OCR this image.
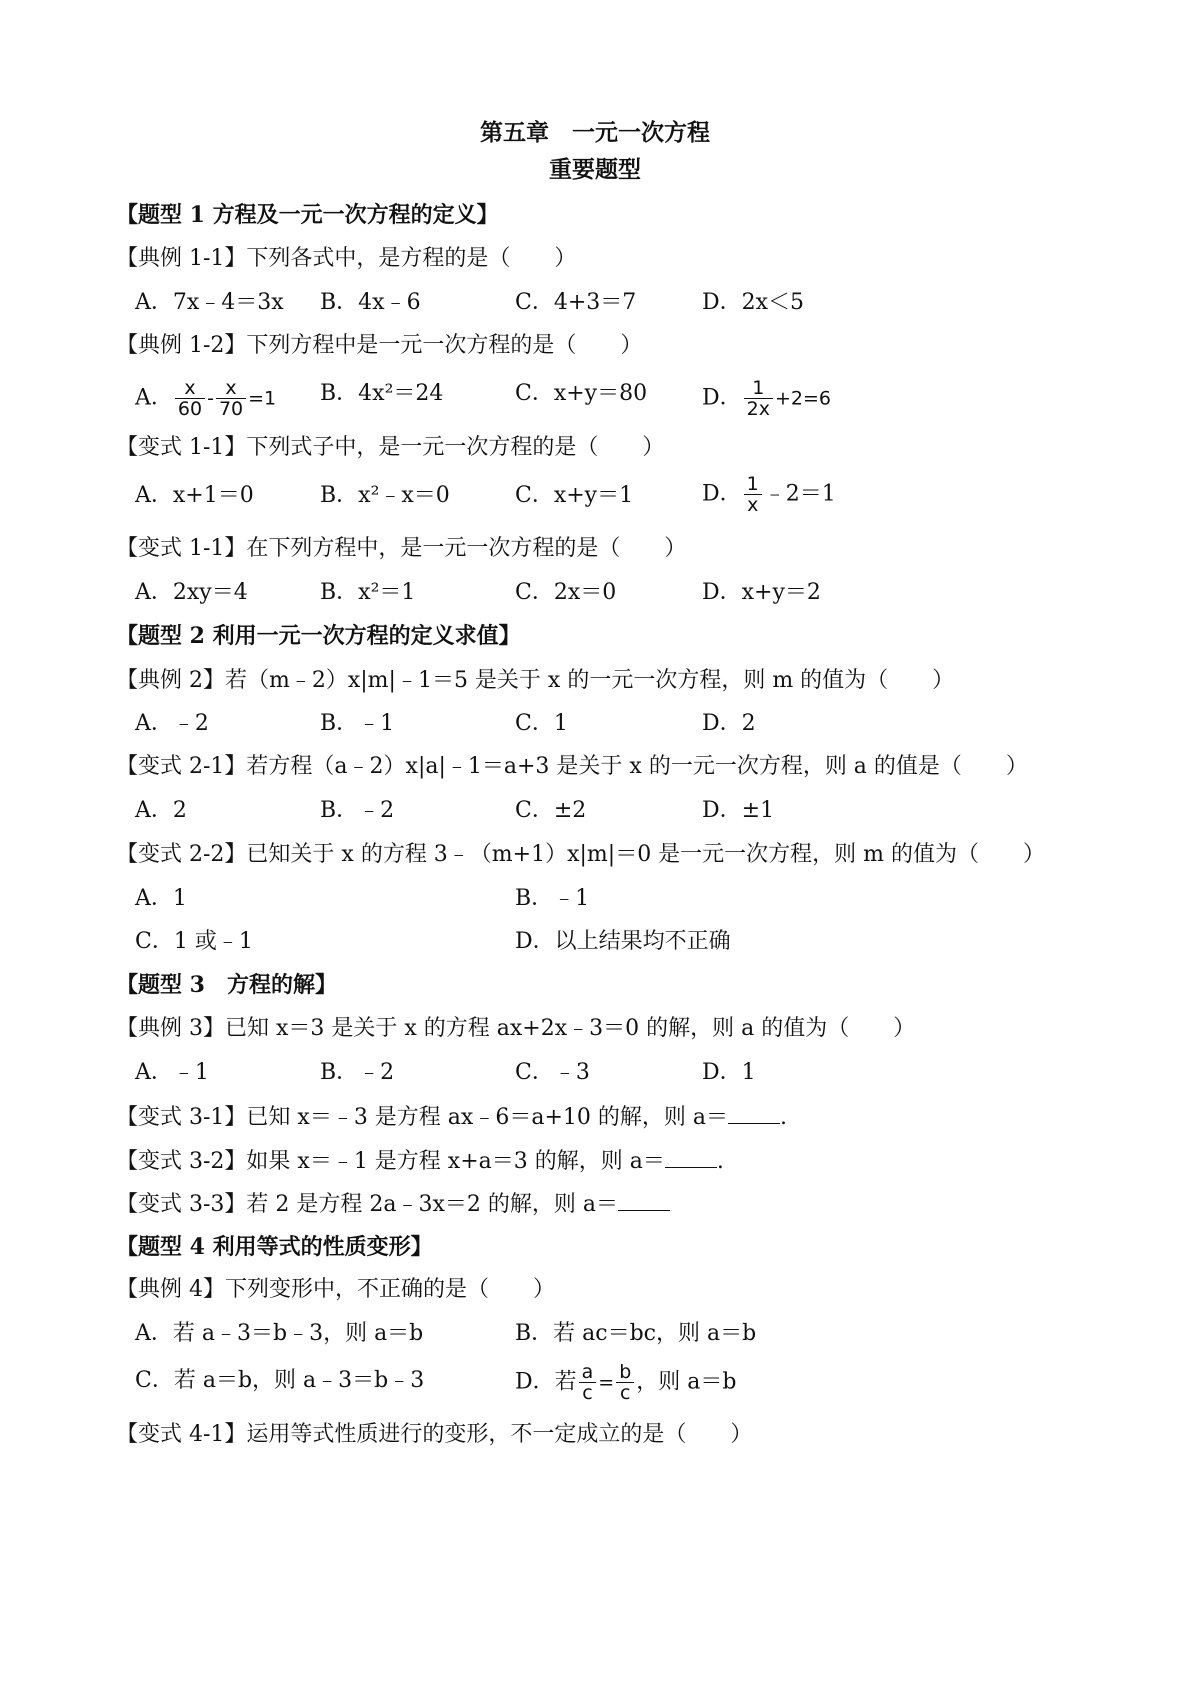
第五章　一元一次方程
重要题型
【题型 1 方程及一元一次方程的定义】
【典例 1-1】下列各式中，是方程的是（　　）
A．7x﹣4＝3x B．4x﹣6	C．4+3＝7	D．2x＜5
【典例 1-2】下列方程中是一元一次方程的是（　　）
A． $\frac{x}{60} - \frac{x}{70} =1$ B．4x²＝24	C．x+y＝80 D． $\frac{1}{2x} +2=6$
【变式 1-1】下列式子中，是一元一次方程的是（　　）
A．x+1＝0	B．x²﹣x＝0	C．x+y＝1	D． $\frac{1}{x}$ ﹣2＝1
【变式 1-1】在下列方程中，是一元一次方程的是（　　）
A．2xy＝4	B．x²＝1	C．2x＝0	D．x+y＝2
【题型 2 利用一元一次方程的定义求值】
【典例 2】若（m﹣2）x|m|﹣1＝5 是关于 x 的一元一次方程，则 m 的值为（　　）
A．﹣2	B．﹣1	C．1	D．2
【变式 2-1】若方程（a﹣2）x|a|﹣1＝a+3 是关于 x 的一元一次方程，则 a 的值是（　　）
A．2	B．﹣2	C．±2	D．±1
【变式 2-2】已知关于 x 的方程 3﹣（m+1）x|m|＝0 是一元一次方程，则 m 的值为（　　）
A．1	B．﹣1
C．1 或﹣1	D．以上结果均不正确
【题型 3　方程的解】
【典例 3】已知 x＝3 是关于 x 的方程 ax+2x﹣3＝0 的解，则 a 的值为（　　）
A．﹣1	B．﹣2	C．﹣3	D．1
【变式 3-1】已知 x＝﹣3 是方程 ax﹣6＝a+10 的解，则 a＝ .
【变式 3-2】如果 x＝﹣1 是方程 x+a＝3 的解，则 a＝ .
【变式 3-3】若 2 是方程 2a﹣3x＝2 的解，则 a＝
【题型 4 利用等式的性质变形】
【典例 4】下列变形中，不正确的是（　　）
A．若 a﹣3＝b﹣3，则 a＝b	B．若 ac＝bc，则 a＝b
C．若 a＝b，则 a﹣3＝b﹣3	D．若 $\frac{a}{c} = \frac{b}{c}$ ，则 a＝b
【变式 4-1】运用等式性质进行的变形，不一定成立的是（　　）
